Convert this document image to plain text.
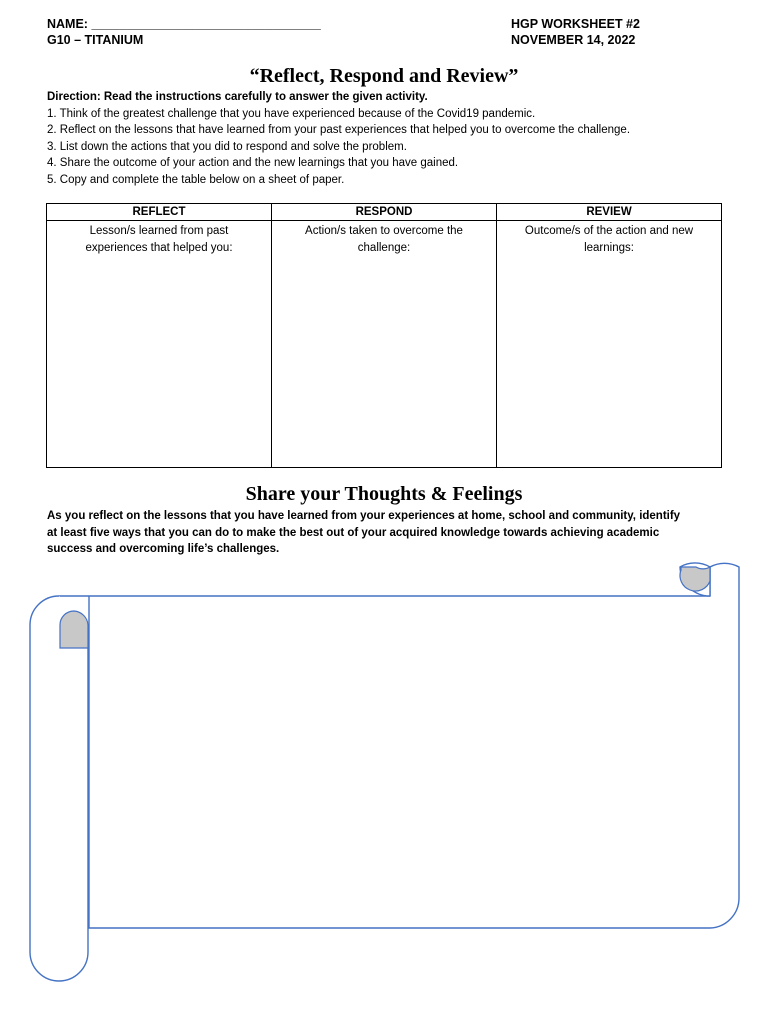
NAME: _________________________________
G10 – TITANIUM
HGP WORKSHEET #2
NOVEMBER 14, 2022
“Reflect, Respond and Review”
Direction: Read the instructions carefully to answer the given activity.
1. Think of the greatest challenge that you have experienced because of the Covid19 pandemic.
2. Reflect on the lessons that have learned from your past experiences that helped you to overcome the challenge.
3. List down the actions that you did to respond and solve the problem.
4. Share the outcome of your action and the new learnings that you have gained.
5. Copy and complete the table below on a sheet of paper.
REFLECT	RESPOND	REVIEW
Lesson/s learned from past experiences that helped you:	Action/s taken to overcome the challenge:	Outcome/s of the action and new learnings:
Share your Thoughts & Feelings
As you reflect on the lessons that you have learned from your experiences at home, school and community, identify
at least five ways that you can do to make the best out of your acquired knowledge towards achieving academic
success and overcoming life’s challenges.
